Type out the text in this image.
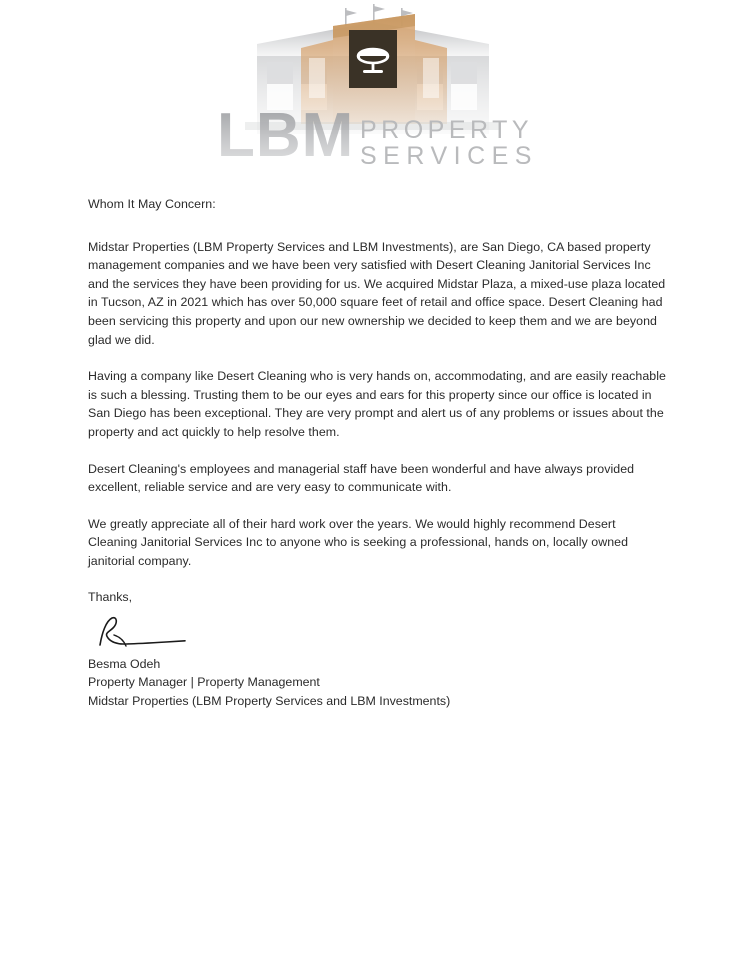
LBM PROPERTY
SERVICES

Whom It May Concern:

Midstar Properties (LBM Property Services and LBM Investments), are San Diego, CA based property management companies and we have been very satisfied with Desert Cleaning Janitorial Services Inc and the services they have been providing for us. We acquired Midstar Plaza, a mixed-use plaza located in Tucson, AZ in 2021 which has over 50,000 square feet of retail and office space. Desert Cleaning had been servicing this property and upon our new ownership we decided to keep them and we are beyond glad we did.

Having a company like Desert Cleaning who is very hands on, accommodating, and are easily reachable is such a blessing. Trusting them to be our eyes and ears for this property since our office is located in San Diego has been exceptional. They are very prompt and alert us of any problems or issues about the property and act quickly to help resolve them.

Desert Cleaning's employees and managerial staff have been wonderful and have always provided excellent, reliable service and are very easy to communicate with.

We greatly appreciate all of their hard work over the years. We would highly recommend Desert Cleaning Janitorial Services Inc to anyone who is seeking a professional, hands on, locally owned janitorial company.

Thanks,

Besma Odeh

Property Manager | Property Management

Midstar Properties (LBM Property Services and LBM Investments)
